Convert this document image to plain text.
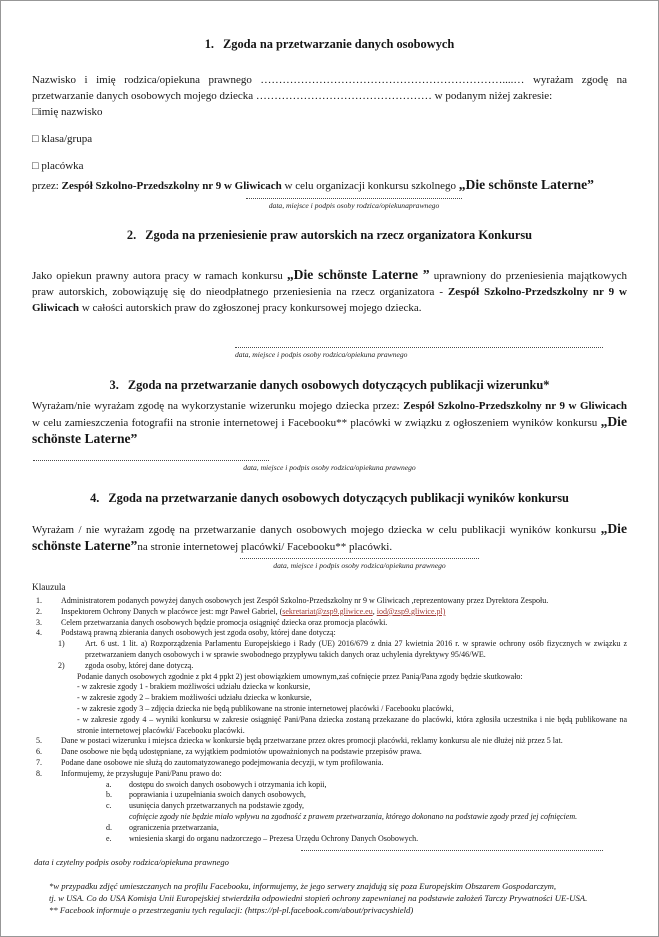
1. Zgoda na przetwarzanie danych osobowych

Nazwisko i imię rodzica/opiekuna prawnego …………………………………………………………....… wyrażam zgodę na przetwarzanie danych osobowych mojego dziecka ………………………………………… w podanym niżej zakresie:

□imię nazwisko

□ klasa/grupa

□ placówka

przez: Zespół Szkolno-Przedszkolny nr 9 w Gliwicach w celu organizacji konkursu szkolnego „Die schönste Laterne”

data, miejsce i podpis osoby rodzica/opiekunaprawnego
2. Zgoda na przeniesienie praw autorskich na rzecz organizatora Konkursu

Jako opiekun prawny autora pracy w ramach konkursu „Die schönste Laterne ” uprawniony do przeniesienia majątkowych praw autorskich, zobowiązuję się do nieodpłatnego przeniesienia na rzecz organizatora - Zespół Szkolno-Przedszkolny nr 9 w Gliwicach w całości autorskich praw do zgłoszonej pracy konkursowej mojego dziecka.

data, miejsce i podpis osoby rodzica/opiekuna prawnego
3. Zgoda na przetwarzanie danych osobowych dotyczących publikacji wizerunku*

Wyrażam/nie wyrażam zgodę na wykorzystanie wizerunku mojego dziecka przez: Zespół Szkolno-Przedszkolny nr 9 w Gliwicach w celu zamieszczenia fotografii na stronie internetowej i Facebooku** placówki w związku z ogłoszeniem wyników konkursu „Die schönste Laterne”

data, miejsce i podpis osoby rodzica/opiekuna prawnego
4. Zgoda na przetwarzanie danych osobowych dotyczących publikacji wyników konkursu

Wyrażam / nie wyrażam zgodę na przetwarzanie danych osobowych mojego dziecka w celu publikacji wyników konkursu „Die schönste Laterne”na stronie internetowej placówki/ Facebooku** placówki.

data, miejsce i podpis osoby rodzica/opiekuna prawnego
Klauzula
1.	Administratorem podanych powyżej danych osobowych jest Zespół Szkolno-Przedszkolny nr 9 w Gliwicach ,reprezentowany przez Dyrektora Zespołu.
2.	Inspektorem Ochrony Danych w placówce jest: mgr Paweł Gabriel, (sekretariat@zsp9.gliwice.eu, iod@zsp9.gliwice.pl)
3.	Celem przetwarzania danych osobowych będzie promocja osiągnięć dziecka oraz promocja placówki.
4.	Podstawą prawną zbierania danych osobowych jest zgoda osoby, której dane dotyczą:
1)	Art. 6 ust. 1 lit. a) Rozporządzenia Parlamentu Europejskiego i Rady (UE) 2016/679 z dnia 27 kwietnia 2016 r. w sprawie ochrony osób fizycznych w związku z przetwarzaniem danych osobowych i w sprawie swobodnego przypływu takich danych oraz uchylenia dyrektywy 95/46/WE.
2)	zgoda osoby, której dane dotyczą.
Podanie danych osobowych zgodnie z pkt 4 ppkt 2) jest obowiązkiem umownym,zaś cofnięcie przez Panią/Pana zgody będzie skutkowało:
- w zakresie zgody 1 - brakiem możliwości udziału dziecka w konkursie,
- w zakresie zgody 2 – brakiem możliwości udziału dziecka w konkursie,
- w zakresie zgody 3 – zdjęcia dziecka nie będą publikowane na stronie internetowej placówki / Facebooku placówki,
- w zakresie zgody 4 – wyniki konkursu w zakresie osiągnięć Pani/Pana dziecka zostaną przekazane do placówki, która zgłosiła uczestnika i nie będą publikowane na stronie internetowej placówki/ Facebooku placówki.
5.	Dane w postaci wizerunku i miejsca dziecka w konkursie będą przetwarzane przez okres promocji placówki, reklamy konkursu ale nie dłużej niż przez 5 lat.
6.	Dane osobowe nie będą udostępniane, za wyjątkiem podmiotów upoważnionych na podstawie przepisów prawa.
7.	Podane dane osobowe nie służą do zautomatyzowanego podejmowania decyzji, w tym profilowania.
8.	Informujemy, że przysługuje Pani/Panu prawo do:
a.	dostępu do swoich danych osobowych i otrzymania ich kopii,
b.	poprawiania i uzupełniania swoich danych osobowych,
c.	usunięcia danych przetwarzanych na podstawie zgody,
cofnięcie zgody nie będzie miało wpływu na zgodność z prawem przetwarzania, którego dokonano na podstawie zgody przed jej cofnięciem.
d.	ograniczenia przetwarzania,
e.	wniesienia skargi do organu nadzorczego – Prezesa Urzędu Ochrony Danych Osobowych.
data i czytelny podpis osoby rodzica/opiekuna prawnego
*w przypadku zdjęć umieszczanych na profilu Facebooku, informujemy, że jego serwery znajdują się poza Europejskim Obszarem Gospodarczym,
tj. w USA. Co do USA Komisja Unii Europejskiej stwierdziła odpowiedni stopień ochrony zapewnianej na podstawie założeń Tarczy Prywatności UE-USA.
** Facebook informuje o przestrzeganiu tych regulacji: (https://pl-pl.facebook.com/about/privacyshield)
